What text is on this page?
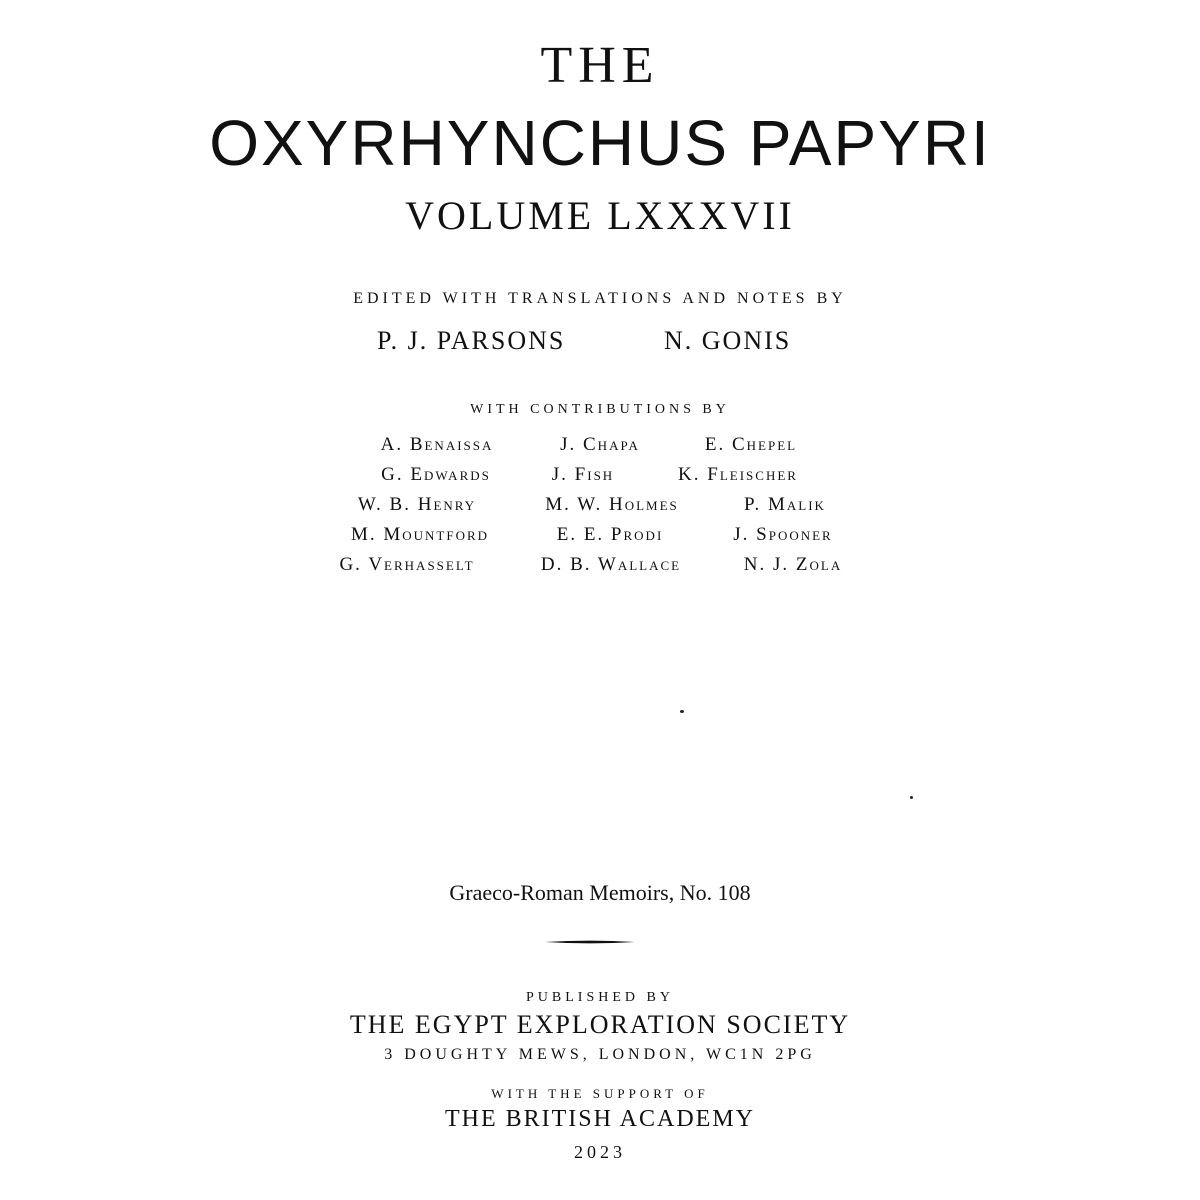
THE
OXYRHYNCHUS PAPYRI
VOLUME LXXXVII
EDITED WITH TRANSLATIONS AND NOTES BY
P. J. PARSONS	N. GONIS
WITH CONTRIBUTIONS BY
A. Benaissa	J. Chapa	E. Chepel
G. Edwards	J. Fish	K. Fleischer
W. B. Henry	M. W. Holmes	P. Malik
M. Mountford	E. E. Prodi	J. Spooner
G. Verhasselt	D. B. Wallace	N. J. Zola
Graeco-Roman Memoirs, No. 108
PUBLISHED BY
THE EGYPT EXPLORATION SOCIETY
3 DOUGHTY MEWS, LONDON, WC1N 2PG
WITH THE SUPPORT OF
THE BRITISH ACADEMY
2023
